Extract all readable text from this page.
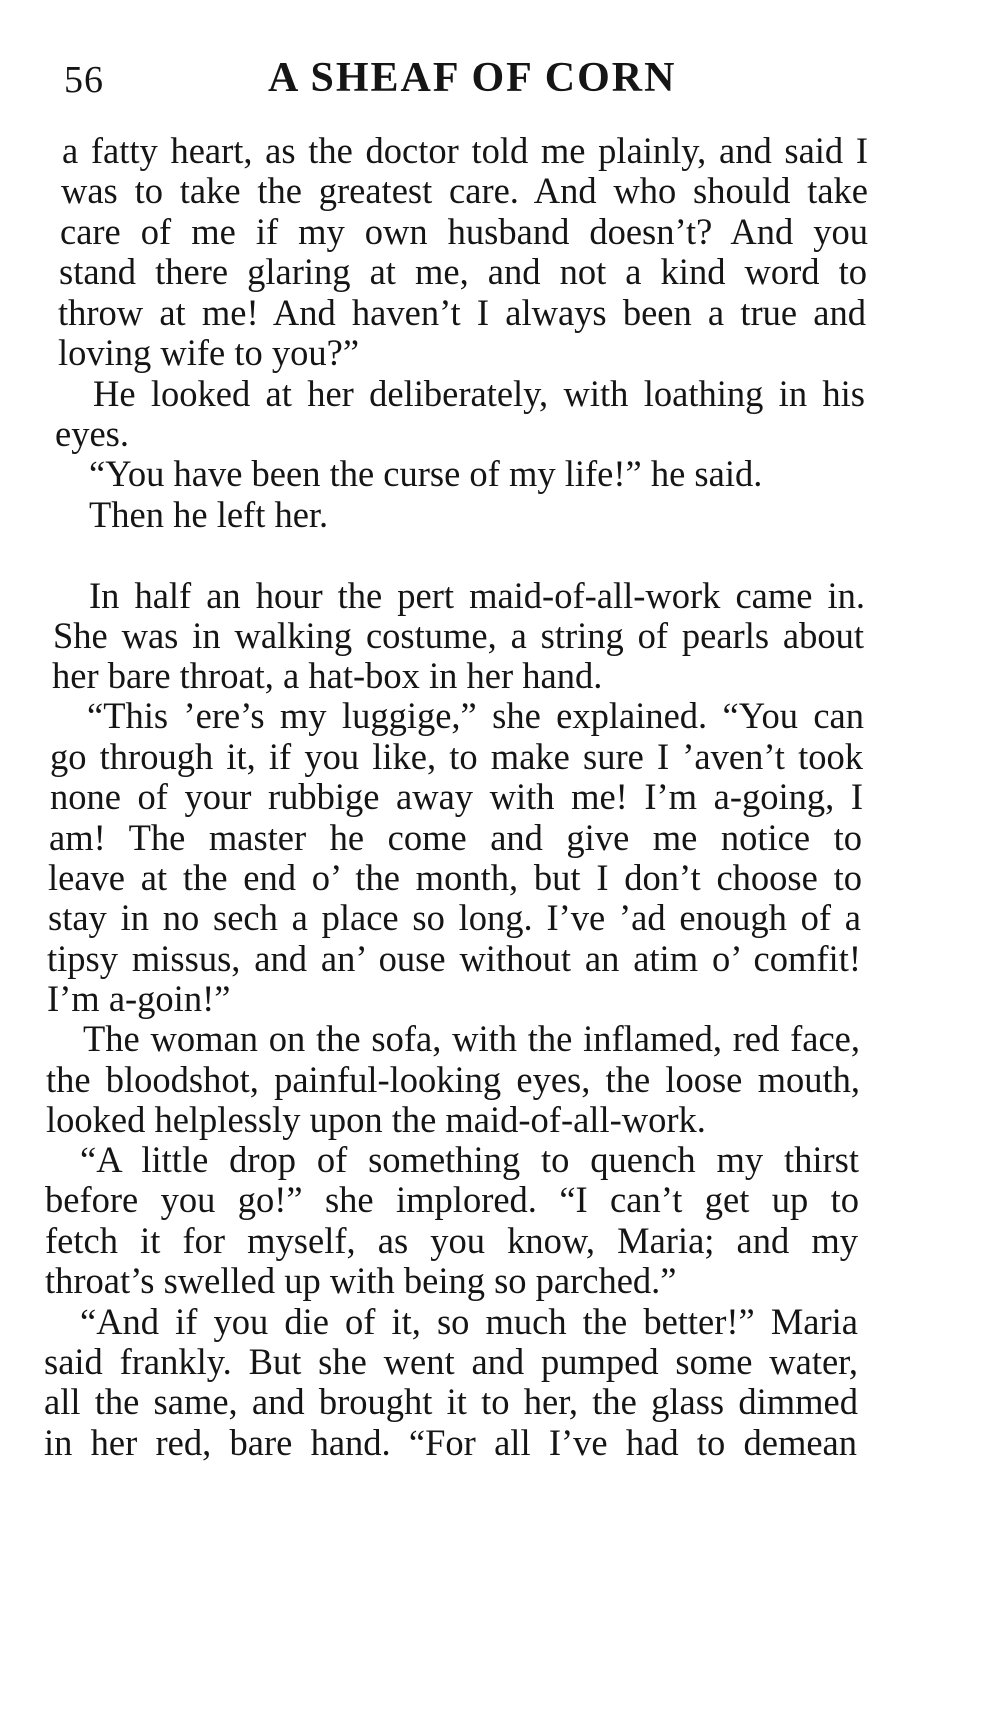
56	A SHEAF OF CORN
a fatty heart, as the doctor told me plainly, and said I
was to take the greatest care. And who should take
care of me if my own husband doesn’t? And you
stand there glaring at me, and not a kind word to
throw at me! And haven’t I always been a true and
loving wife to you?”
He looked at her deliberately, with loathing in his
eyes.
“You have been the curse of my life!” he said.
Then he left her.
In half an hour the pert maid-of-all-work came in.
She was in walking costume, a string of pearls about
her bare throat, a hat-box in her hand.
“This ’ere’s my luggige,” she explained. “You can
go through it, if you like, to make sure I ’aven’t took
none of your rubbige away with me! I’m a-going, I
am! The master he come and give me notice to
leave at the end o’ the month, but I don’t choose to
stay in no sech a place so long. I’ve ’ad enough of a
tipsy missus, and an’ ouse without an atim o’ comfit!
I’m a-goin!”
The woman on the sofa, with the inflamed, red face,
the bloodshot, painful-looking eyes, the loose mouth,
looked helplessly upon the maid-of-all-work.
“A little drop of something to quench my thirst
before you go!” she implored. “I can’t get up to
fetch it for myself, as you know, Maria; and my
throat’s swelled up with being so parched.”
“And if you die of it, so much the better!” Maria
said frankly. But she went and pumped some water,
all the same, and brought it to her, the glass dimmed
in her red, bare hand. “For all I’ve had to demean
